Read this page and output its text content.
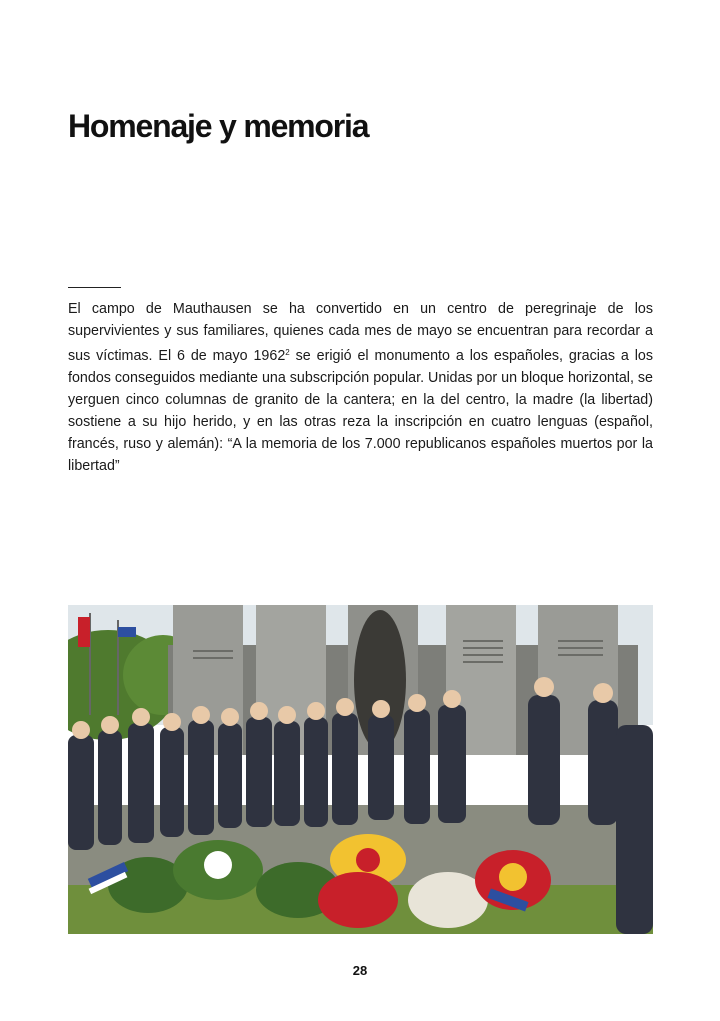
Homenaje y memoria

El campo de Mauthausen se ha convertido en un centro de peregrinaje de los supervivientes y sus familiares, quienes cada mes de mayo se encuentran para recordar a sus víctimas. El 6 de mayo 1962$^2$ se erigió el monumento a los españoles, gracias a los fondos conseguidos mediante una subscripción popular. Unidas por un bloque horizontal, se yerguen cinco columnas de granito de la cantera; en la del centro, la madre (la libertad) sostiene a su hijo herido, y en las otras reza la inscripción en cuatro lenguas (español, francés, ruso y alemán): “A la memoria de los 7.000 republicanos españoles muertos por la libertad”

28
